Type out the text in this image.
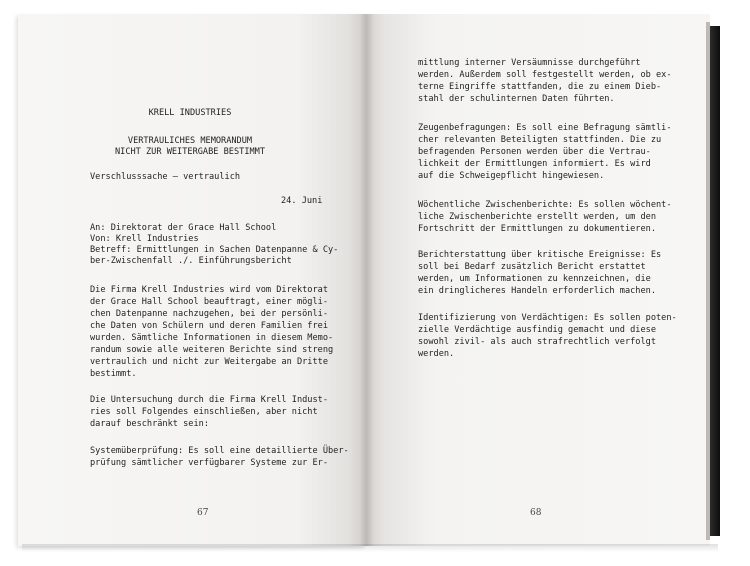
KRELL INDUSTRIES
VERTRAULICHES MEMORANDUM
NICHT ZUR WEITERGABE BESTIMMT
Verschlusssache – vertraulich
24. Juni
An: Direktorat der Grace Hall School
Von: Krell Industries
Betreff: Ermittlungen in Sachen Datenpanne & Cy-
ber-Zwischenfall ./. Einführungsbericht
Die Firma Krell Industries wird vom Direktorat
der Grace Hall School beauftragt, einer mögli-
chen Datenpanne nachzugehen, bei der persönli-
che Daten von Schülern und deren Familien frei
wurden. Sämtliche Informationen in diesem Memo-
randum sowie alle weiteren Berichte sind streng
vertraulich und nicht zur Weitergabe an Dritte
bestimmt.
Die Untersuchung durch die Firma Krell Indust-
ries soll Folgendes einschließen, aber nicht
darauf beschränkt sein:
Systemüberprüfung: Es soll eine detaillierte Über-
prüfung sämtlicher verfügbarer Systeme zur Er-
67
mittlung interner Versäumnisse durchgeführt
werden. Außerdem soll festgestellt werden, ob ex-
terne Eingriffe stattfanden, die zu einem Dieb-
stahl der schulinternen Daten führten.
Zeugenbefragungen: Es soll eine Befragung sämtli-
cher relevanten Beteiligten stattfinden. Die zu
befragenden Personen werden über die Vertrau-
lichkeit der Ermittlungen informiert. Es wird
auf die Schweigepflicht hingewiesen.
Wöchentliche Zwischenberichte: Es sollen wöchent-
liche Zwischenberichte erstellt werden, um den
Fortschritt der Ermittlungen zu dokumentieren.
Berichterstattung über kritische Ereignisse: Es
soll bei Bedarf zusätzlich Bericht erstattet
werden, um Informationen zu kennzeichnen, die
ein dringlicheres Handeln erforderlich machen.
Identifizierung von Verdächtigen: Es sollen poten-
zielle Verdächtige ausfindig gemacht und diese
sowohl zivil- als auch strafrechtlich verfolgt
werden.
68
